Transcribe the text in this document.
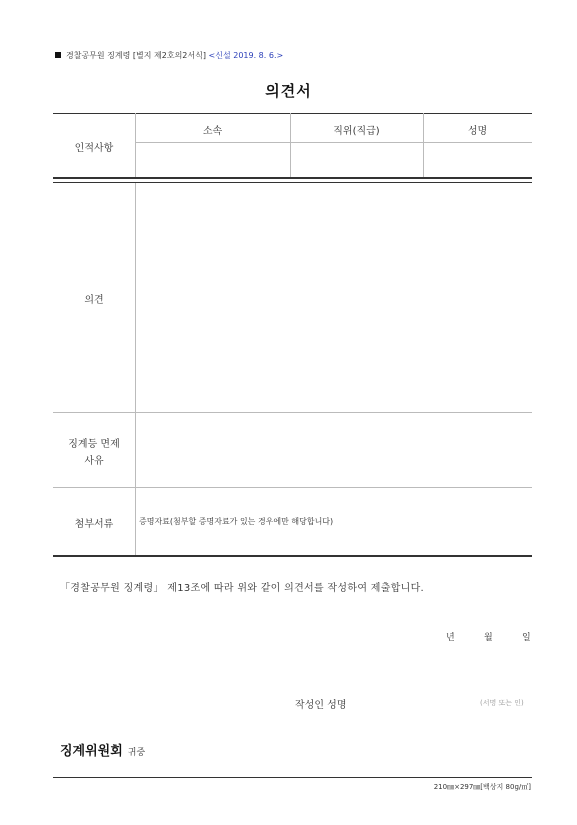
경찰공무원 징계령 [별지 제2호의2서식] <신설 2019. 8. 6.>
의견서
인적사항
소속	직위(직급)	성명
의견
징계등 면제
사유
첨부서류	증명자료(첨부할 증명자료가 있는 경우에만 해당합니다)
「경찰공무원 징계령」 제13조에 따라 위와 같이 의견서를 작성하여 제출합니다.
년	월	일
작성인 성명	(서명 또는 인)
징계위원회 귀중
210㎜×297㎜[백상지 80g/㎡]
